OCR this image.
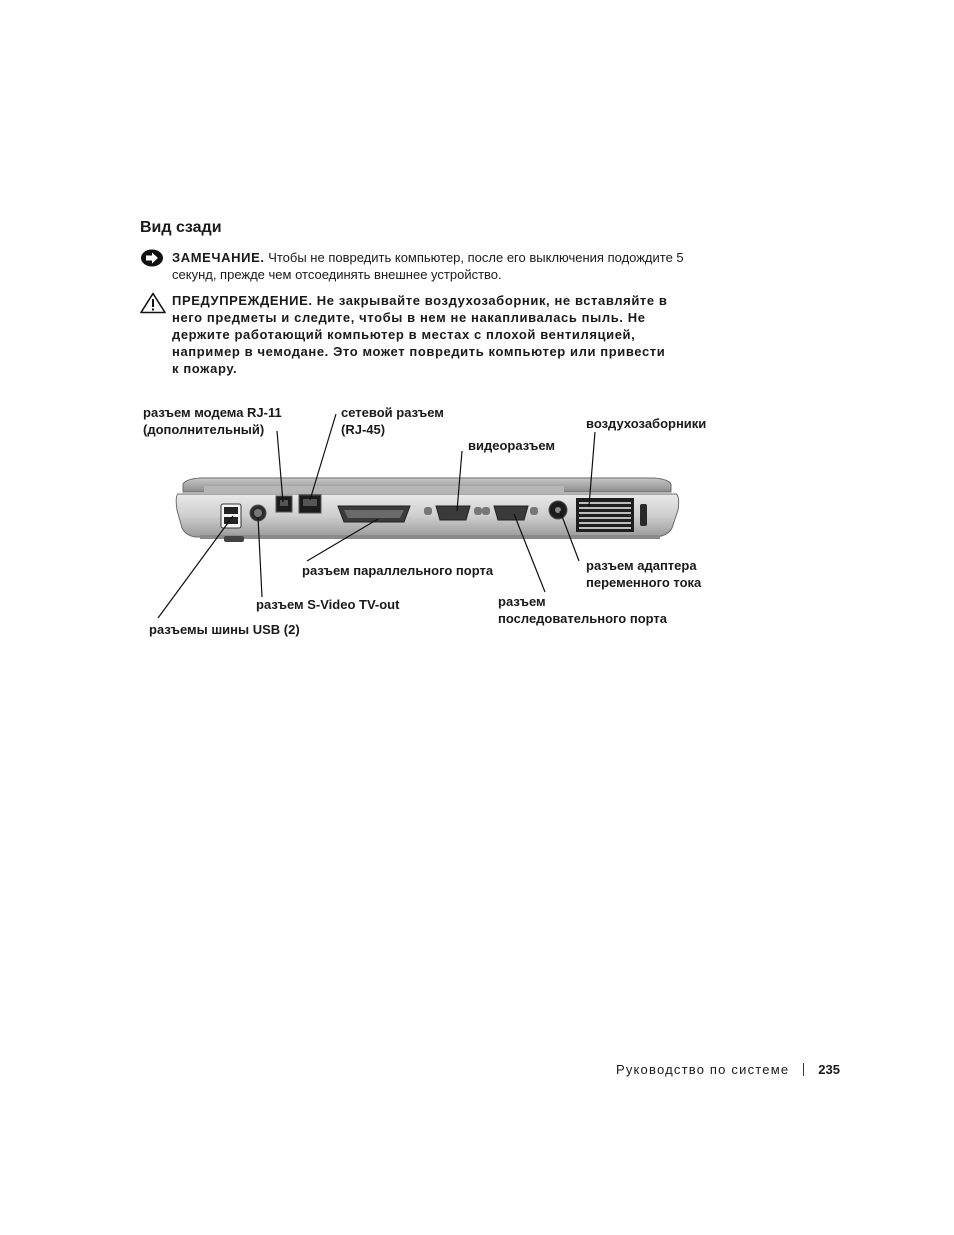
Вид сзади
ЗАМЕЧАНИЕ. Чтобы не повредить компьютер, после его выключения подождите 5
секунд, прежде чем отсоединять внешнее устройство.
ПРЕДУПРЕЖДЕНИЕ. Не закрывайте воздухозаборник, не вставляйте в
него предметы и следите, чтобы в нем не накапливалась пыль. Не
держите работающий компьютер в местах с плохой вентиляцией,
например в чемодане. Это может повредить компьютер или привести
к пожару.
разъем модема RJ-11
(дополнительный)
сетевой разъем
(RJ-45)
видеоразъем
воздухозаборники
разъем параллельного порта	разъем адаптера
переменного тока
разъем S-Video TV-out	разъем
последовательного порта
разъемы шины USB (2)
Руководство по системе 235
